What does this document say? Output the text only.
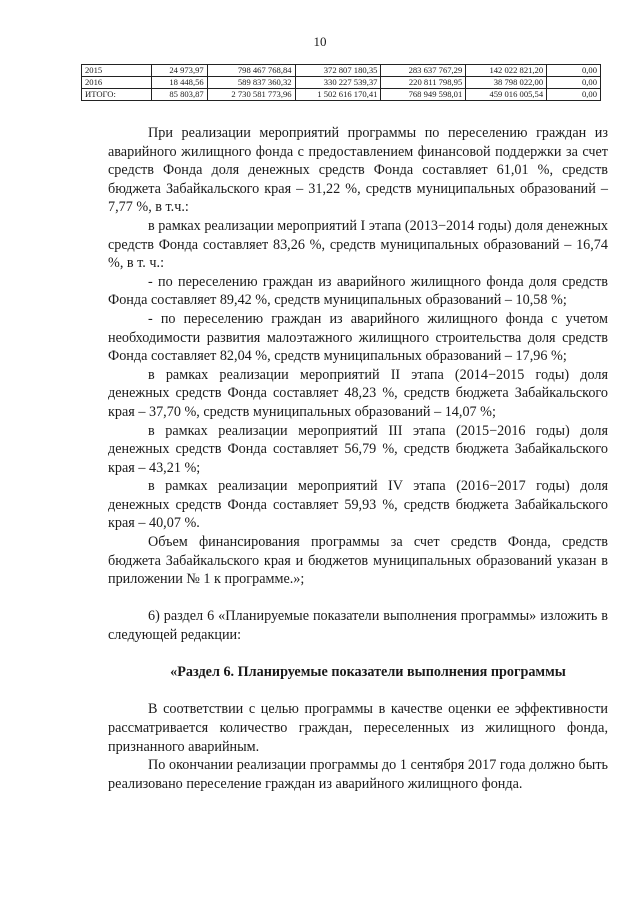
10
2015	24 973,97	798 467 768,84	372 807 180,35	283 637 767,29	142 022 821,20	0,00
2016	18 448,56	589 837 360,32	330 227 539,37	220 811 798,95	38 798 022,00	0,00
ИТОГО:	85 803,87	2 730 581 773,96	1 502 616 170,41	768 949 598,01	459 016 005,54	0,00

При реализации мероприятий программы по переселению граждан из аварийного жилищного фонда с предоставлением финансовой поддержки за счет средств Фонда доля денежных средств Фонда составляет 61,01 %, средств бюджета Забайкальского края – 31,22 %, средств муниципальных образований – 7,77 %, в т.ч.:

в рамках реализации мероприятий I этапа (2013−2014 годы) доля денежных средств Фонда составляет 83,26 %, средств муниципальных образований – 16,74 %, в т. ч.:

- по переселению граждан из аварийного жилищного фонда доля средств Фонда составляет 89,42 %, средств муниципальных образований – 10,58 %;

- по переселению граждан из аварийного жилищного фонда с учетом необходимости развития малоэтажного жилищного строительства доля средств Фонда составляет 82,04 %, средств муниципальных образований – 17,96 %;

в рамках реализации мероприятий II этапа (2014−2015 годы) доля денежных средств Фонда составляет 48,23 %, средств бюджета Забайкальского края – 37,70 %, средств муниципальных образований – 14,07 %;

в рамках реализации мероприятий III этапа (2015−2016 годы) доля денежных средств Фонда составляет 56,79 %, средств бюджета Забайкальского края – 43,21 %;

в рамках реализации мероприятий IV этапа (2016−2017 годы) доля денежных средств Фонда составляет 59,93 %, средств бюджета Забайкальского края – 40,07 %.

Объем финансирования программы за счет средств Фонда, средств бюджета Забайкальского края и бюджетов муниципальных образований указан в приложении № 1 к программе.»;

6) раздел 6 «Планируемые показатели выполнения программы» изложить в следующей редакции:

«Раздел 6. Планируемые показатели выполнения программы

В соответствии с целью программы в качестве оценки ее эффективности рассматривается количество граждан, переселенных из жилищного фонда, признанного аварийным.

По окончании реализации программы до 1 сентября 2017 года должно быть реализовано переселение граждан из аварийного жилищного фонда.
